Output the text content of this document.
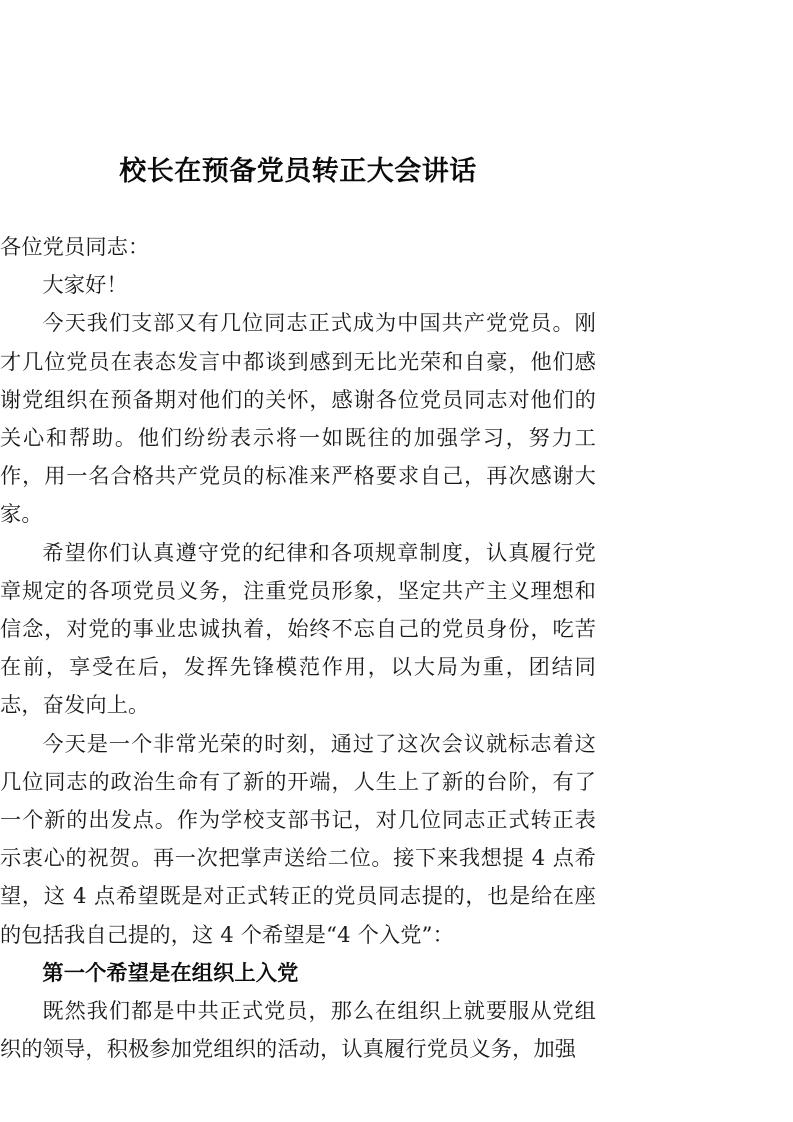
校长在预备党员转正大会讲话

各位党员同志：

大家好！

今天我们支部又有几位同志正式成为中国共产党党员。刚才几位党员在表态发言中都谈到感到无比光荣和自豪，他们感谢党组织在预备期对他们的关怀，感谢各位党员同志对他们的关心和帮助。他们纷纷表示将一如既往的加强学习，努力工作，用一名合格共产党员的标准来严格要求自己，再次感谢大家。

希望你们认真遵守党的纪律和各项规章制度，认真履行党章规定的各项党员义务，注重党员形象，坚定共产主义理想和信念，对党的事业忠诚执着，始终不忘自己的党员身份，吃苦在前，享受在后，发挥先锋模范作用，以大局为重，团结同志，奋发向上。

今天是一个非常光荣的时刻，通过了这次会议就标志着这几位同志的政治生命有了新的开端，人生上了新的台阶，有了一个新的出发点。作为学校支部书记，对几位同志正式转正表示衷心的祝贺。再一次把掌声送给二位。接下来我想提 4 点希望，这 4 点希望既是对正式转正的党员同志提的，也是给在座的包括我自己提的，这 4 个希望是“4 个入党”：

第一个希望是在组织上入党

既然我们都是中共正式党员，那么在组织上就要服从党组织的领导，积极参加党组织的活动，认真履行党员义务，加强
